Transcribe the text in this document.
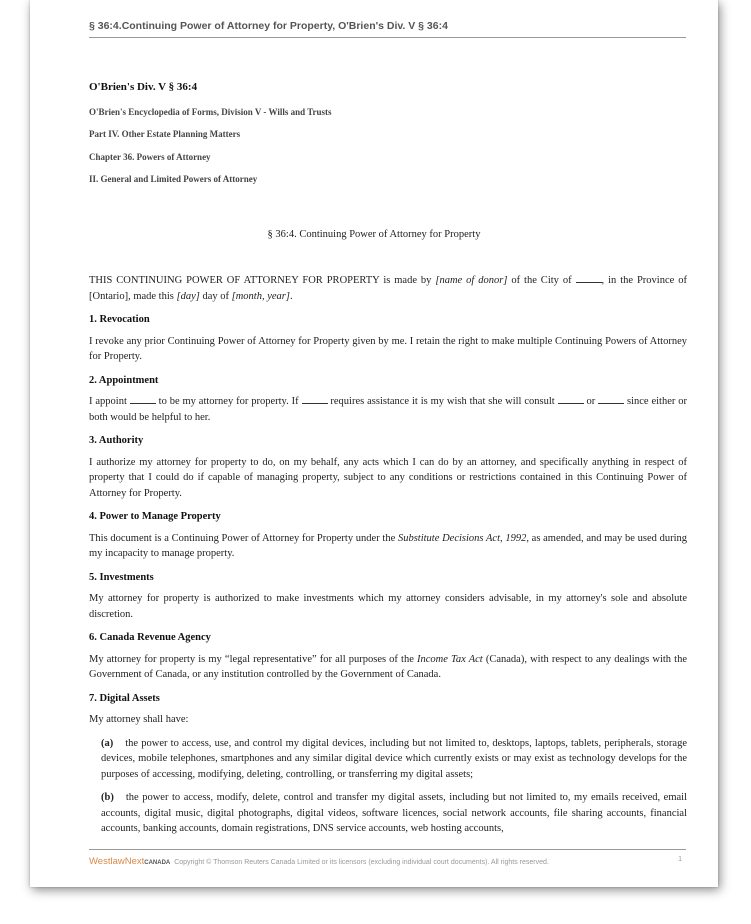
§ 36:4.Continuing Power of Attorney for Property, O'Brien's Div. V § 36:4
O'Brien's Div. V § 36:4
O'Brien's Encyclopedia of Forms, Division V - Wills and Trusts
Part IV. Other Estate Planning Matters
Chapter 36. Powers of Attorney
II. General and Limited Powers of Attorney
§ 36:4. Continuing Power of Attorney for Property

THIS CONTINUING POWER OF ATTORNEY FOR PROPERTY is made by [name of donor] of the City of , in the Province of [Ontario], made this [day] day of [month, year].

1. Revocation

I revoke any prior Continuing Power of Attorney for Property given by me. I retain the right to make multiple Continuing Powers of Attorney for Property.

2. Appointment

I appoint  to be my attorney for property. If  requires assistance it is my wish that she will consult  or  since either or both would be helpful to her.

3. Authority

I authorize my attorney for property to do, on my behalf, any acts which I can do by an attorney, and specifically anything in respect of property that I could do if capable of managing property, subject to any conditions or restrictions contained in this Continuing Power of Attorney for Property.

4. Power to Manage Property

This document is a Continuing Power of Attorney for Property under the Substitute Decisions Act, 1992, as amended, and may be used during my incapacity to manage property.

5. Investments

My attorney for property is authorized to make investments which my attorney considers advisable, in my attorney's sole and absolute discretion.

6. Canada Revenue Agency

My attorney for property is my “legal representative” for all purposes of the Income Tax Act (Canada), with respect to any dealings with the Government of Canada, or any institution controlled by the Government of Canada.

7. Digital Assets

My attorney shall have:

(a) the power to access, use, and control my digital devices, including but not limited to, desktops, laptops, tablets, peripherals, storage devices, mobile telephones, smartphones and any similar digital device which currently exists or may exist as technology develops for the purposes of accessing, modifying, deleting, controlling, or transferring my digital assets;

(b) the power to access, modify, delete, control and transfer my digital assets, including but not limited to, my emails received, email accounts, digital music, digital photographs, digital videos, software licences, social network accounts, file sharing accounts, financial accounts, banking accounts, domain registrations, DNS service accounts, web hosting accounts,

WestlawNextCANADA Copyright © Thomson Reuters Canada Limited or its licensors (excluding individual court documents). All rights reserved.	1
